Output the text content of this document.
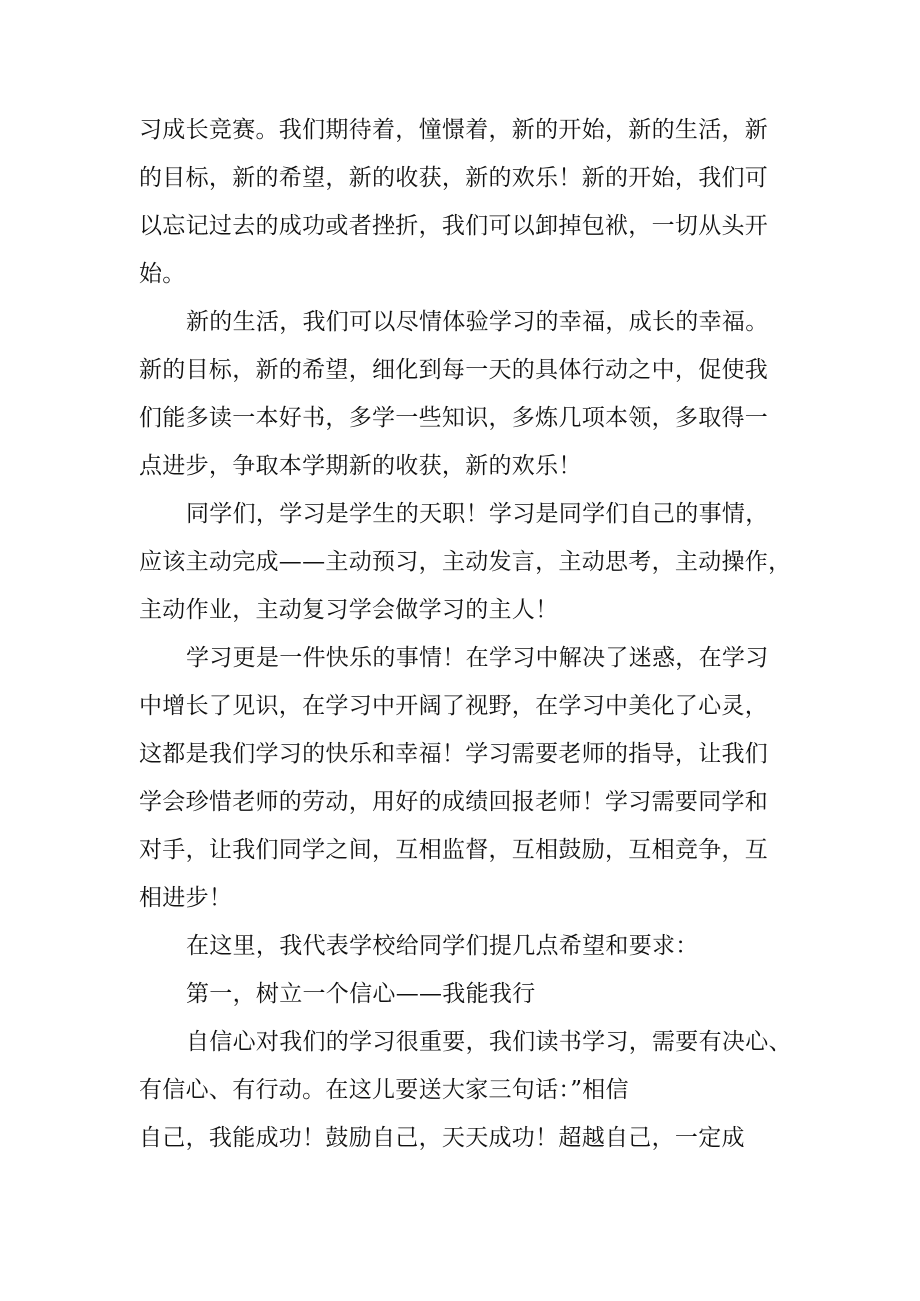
习成长竞赛。我们期待着，憧憬着，新的开始，新的生活，新
的目标，新的希望，新的收获，新的欢乐！新的开始，我们可
以忘记过去的成功或者挫折，我们可以卸掉包袱，一切从头开
始。
新的生活，我们可以尽情体验学习的幸福，成长的幸福。
新的目标，新的希望，细化到每一天的具体行动之中，促使我
们能多读一本好书，多学一些知识，多炼几项本领，多取得一
点进步，争取本学期新的收获，新的欢乐！
同学们，学习是学生的天职！学习是同学们自己的事情，
应该主动完成——主动预习，主动发言，主动思考，主动操作，
主动作业，主动复习学会做学习的主人！
学习更是一件快乐的事情！在学习中解决了迷惑，在学习
中增长了见识，在学习中开阔了视野，在学习中美化了心灵，
这都是我们学习的快乐和幸福！学习需要老师的指导，让我们
学会珍惜老师的劳动，用好的成绩回报老师！学习需要同学和
对手，让我们同学之间，互相监督，互相鼓励，互相竞争，互
相进步！
在这里，我代表学校给同学们提几点希望和要求：
第一，树立一个信心——我能我行
自信心对我们的学习很重要，我们读书学习，需要有决心、
有信心、有行动。在这儿要送大家三句话：”相信
自己，我能成功！鼓励自己，天天成功！超越自己，一定成
